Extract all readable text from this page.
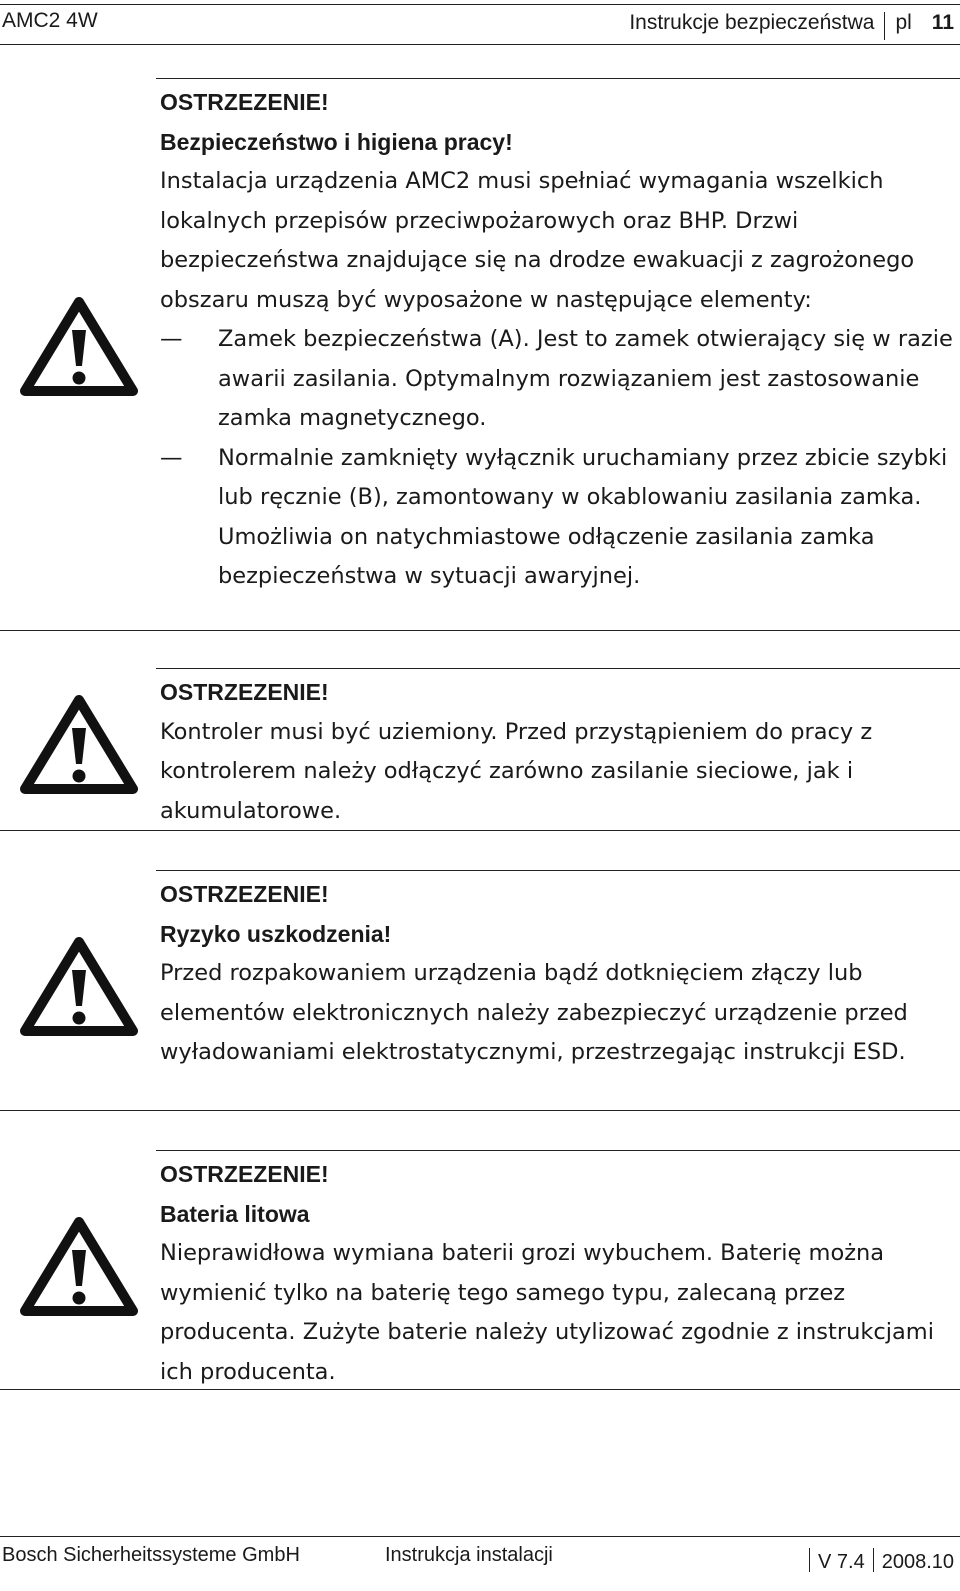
AMC2 4W	Instrukcje bezpieczeństwa pl 11
OSTRZEZENIE!
Bezpieczeństwo i higiena pracy!

Instalacja urządzenia AMC2 musi spełniać wymagania wszelkich lokalnych przepisów przeciwpożarowych oraz BHP. Drzwi bezpieczeństwa znajdujące się na drodze ewakuacji z zagrożonego obszaru muszą być wyposażone w następujące elementy:

—	Zamek bezpieczeństwa (A). Jest to zamek otwierający się w razie awarii zasilania. Optymalnym rozwiązaniem jest zastosowanie zamka magnetycznego.
—	Normalnie zamknięty wyłącznik uruchamiany przez zbicie szybki lub ręcznie (B), zamontowany w okablowaniu zasilania zamka. Umożliwia on natychmiastowe odłączenie zasilania zamka bezpieczeństwa w sytuacji awaryjnej.
OSTRZEZENIE!

Kontroler musi być uziemiony. Przed przystąpieniem do pracy z kontrolerem należy odłączyć zarówno zasilanie sieciowe, jak i akumulatorowe.

OSTRZEZENIE!
Ryzyko uszkodzenia!

Przed rozpakowaniem urządzenia bądź dotknięciem złączy lub elementów elektronicznych należy zabezpieczyć urządzenie przed wyładowaniami elektrostatycznymi, przestrzegając instrukcji ESD.

OSTRZEZENIE!
Bateria litowa

Nieprawidłowa wymiana baterii grozi wybuchem. Baterię można wymienić tylko na baterię tego samego typu, zalecaną przez producenta. Zużyte baterie należy utylizować zgodnie z instrukcjami ich producenta.

Bosch Sicherheitssysteme GmbH	Instrukcja instalacji	V 7.4 2008.10
